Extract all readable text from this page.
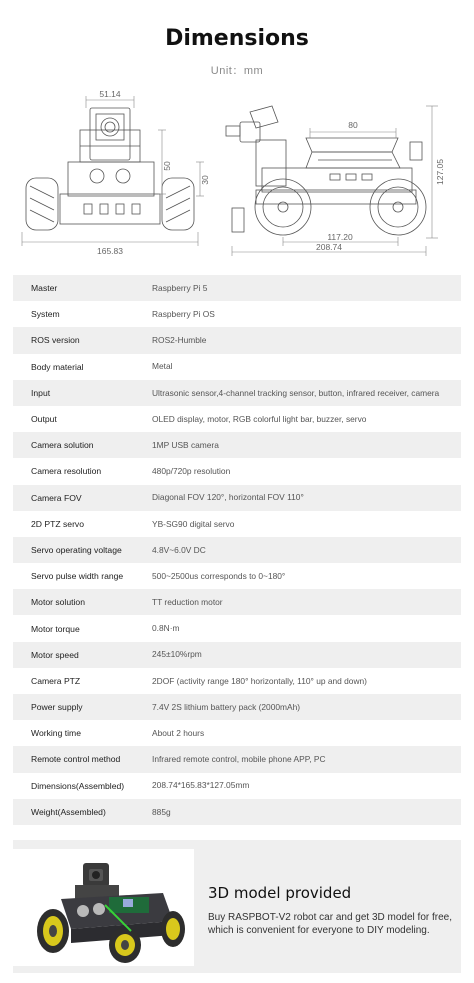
Dimensions
Unit：mm
51.14
50
30
165.83
80
127.05
117.20
208.74
Master	Raspberry Pi 5
System	Raspberry Pi OS
ROS version	ROS2-Humble
Body material	Metal
Input	Ultrasonic sensor,4-channel tracking sensor, button, infrared receiver, camera
Output	OLED display, motor, RGB colorful light bar, buzzer, servo
Camera solution	1MP USB camera
Camera resolution	480p/720p resolution
Camera FOV	Diagonal FOV 120°, horizontal FOV 110°
2D PTZ servo	YB-SG90 digital servo
Servo operating voltage	4.8V~6.0V DC
Servo pulse width range	500~2500us corresponds to 0~180°
Motor solution	TT reduction motor
Motor torque	0.8N·m
Motor speed	245±10%rpm
Camera PTZ	2DOF (activity range 180° horizontally, 110° up and down)
Power supply	7.4V 2S lithium battery pack (2000mAh)
Working time	About 2 hours
Remote control method	Infrared remote control, mobile phone APP, PC
Dimensions(Assembled)	208.74*165.83*127.05mm
Weight(Assembled)	885g
3D model provided

Buy RASPBOT-V2 robot car and get 3D model for free, which is convenient for everyone to DIY modeling.
